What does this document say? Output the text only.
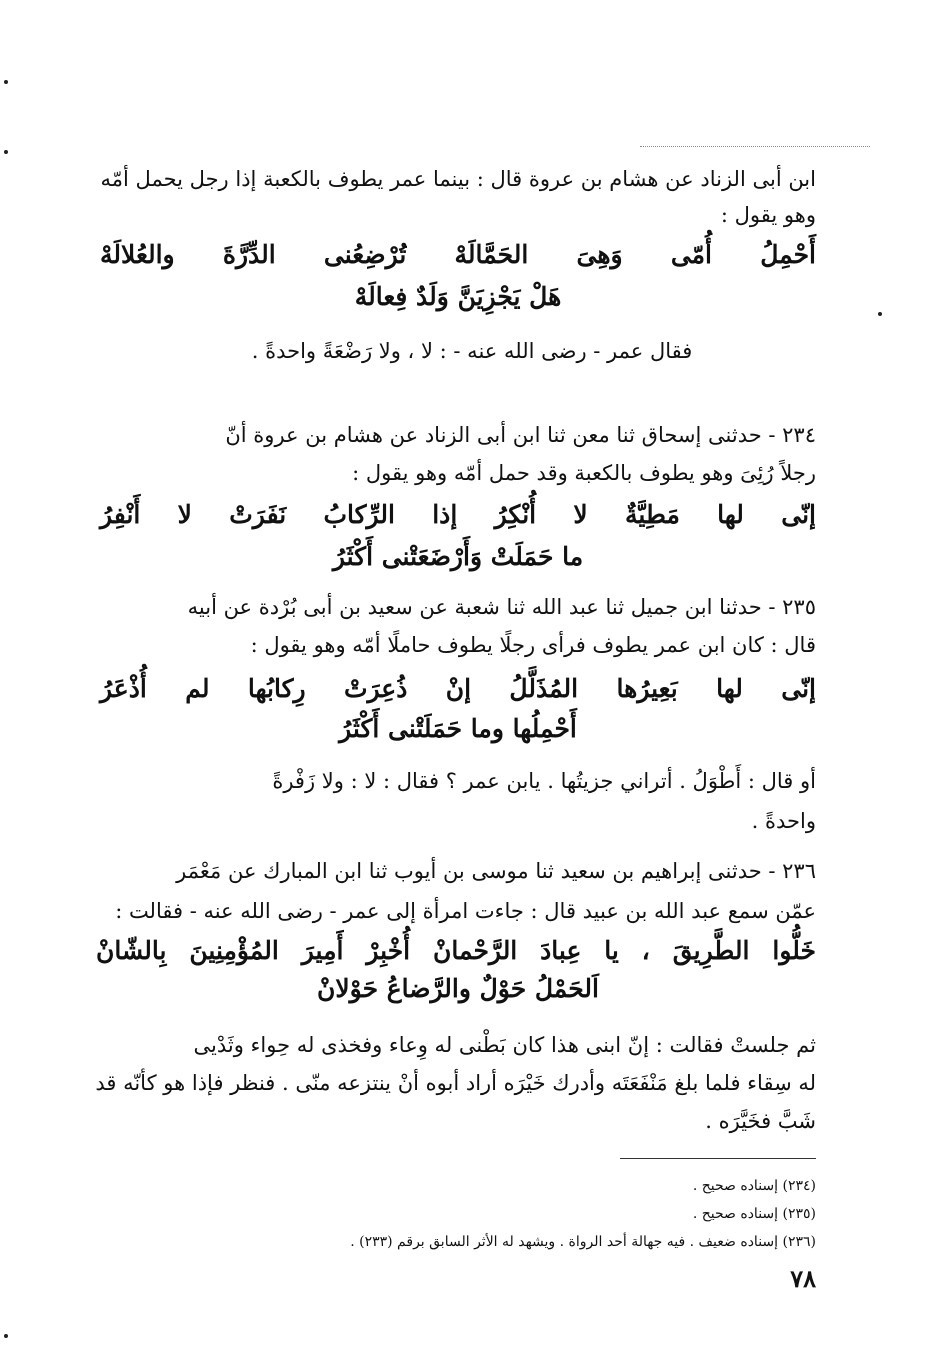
ابن أبى الزناد عن هشام بن عروة قال : بينما عمر يطوف بالكعبة إذا رجل يحمل أمّه
وهو يقول :
أَحْمِلُ أُمّى وَهِىَ الحَمَّالَهْ تُرْضِعُنى الدِّرَّةَ والعُلالَهْ
هَلْ يَجْزِيَنَّ وَلَدٌ فِعالَهْ
فقال عمر - رضى الله عنه - : لا ، ولا رَضْعَةً واحدةً .
٢٣٤ - حدثنى إسحاق ثنا معن ثنا ابن أبى الزناد عن هشام بن عروة أنّ
رجلاً رُئِىَ وهو يطوف بالكعبة وقد حمل أمّه وهو يقول :
إنّى لها مَطِيَّةٌ لا أُنْكِرُ إذا الرِّكابُ نَفَرَتْ لا أَنْفِرُ
ما حَمَلَتْ وَأَرْضَعَتْنى أَكْثَرُ
٢٣٥ - حدثنا ابن جميل ثنا عبد الله ثنا شعبة عن سعيد بن أبى بُرْدة عن أبيه
قال : كان ابن عمر يطوف فرأى رجلًا يطوف حاملًا أمّه وهو يقول :
إنّى لها بَعِيرُها المُذَلَّلُ إنْ ذُعِرَتْ رِكابُها لم أُذْعَرُ
أَحْمِلُها وما حَمَلَتْنى أَكْثَرُ
أو قال : أَطْوَلُ . أتراني جزيتُها . يابن عمر ؟ فقال : لا : ولا زَفْرةً
واحدةً .
٢٣٦ - حدثنى إبراهيم بن سعيد ثنا موسى بن أيوب ثنا ابن المبارك عن مَعْمَر
عمّن سمع عبد الله بن عبيد قال : جاءت امرأة إلى عمر - رضى الله عنه - فقالت :
خَلُّوا الطَّرِيقَ ، يا عِبادَ الرَّحْمانْ أُخْبِرْ أَمِيرَ المُؤْمِنِينَ بِالشّانْ
اَلحَمْلُ حَوْلٌ والرَّضاعُ حَوْلانْ
ثم جلستْ فقالت : إنّ ابنى هذا كان بَطْنى له وِعاء وفخذى له حِواء وثَدْيى
له سِقاء فلما بلغ مَنْفَعَتَه وأدرك خَيْرَه أراد أبوه أنْ ينتزعه منّى . فنظر فإذا هو كأنّه قد
شَبَّ فخَيَّرَه .
(٢٣٤) إسناده صحيح .
(٢٣٥) إسناده صحيح .
(٢٣٦) إسناده ضعيف . فيه جهالة أحد الرواة . ويشهد له الأثر السابق برقم (٢٣٣) .
٧٨
